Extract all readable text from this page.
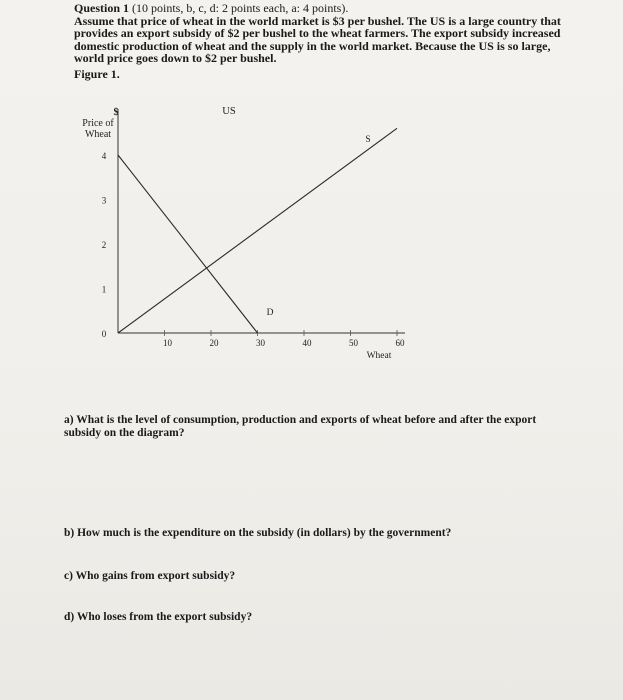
Question 1 (10 points, b, c, d: 2 points each, a: 4 points).
Assume that price of wheat in the world market is $3 per bushel. The US is a large country that provides an export subsidy of $2 per bushel to the wheat farmers. The export subsidy increased domestic production of wheat and the supply in the world market. Because the US is so large, world price goes down to $2 per bushel.
Figure 1.
0
1
2
3
4
10	20	30	40	50	60
$
Price of
Wheat
Wheat
US
S
D
a) What is the level of consumption, production and exports of wheat before and after the export subsidy on the diagram?
b) How much is the expenditure on the subsidy (in dollars) by the government?
c) Who gains from export subsidy?
d) Who loses from the export subsidy?
